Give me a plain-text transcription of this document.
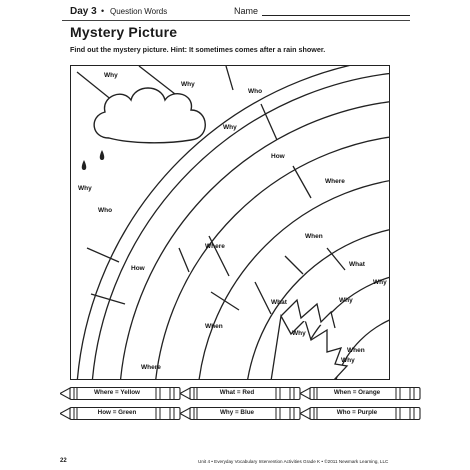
Day 3 • Question Words	Name
Mystery Picture
Find out the mystery picture. Hint: It sometimes comes after a rain shower.
Why
Why
Who
Why
How
Where
Why
Who
Where
When
How
What
Why
What	Why
When
Why
Why
When
Where
Where = Yellow	What = Red	When = Orange
How = Green	Why = Blue	Who = Purple
22	Unit 4 • Everyday Vocabulary Intervention Activities Grade K • ©2011 Newmark Learning, LLC
